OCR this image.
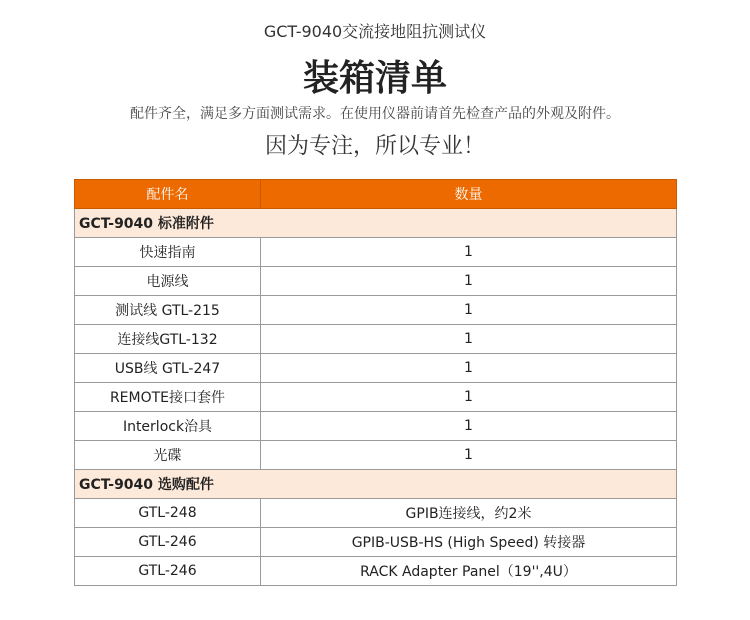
GCT-9040交流接地阻抗测试仪
装箱清单
配件齐全，满足多方面测试需求。在使用仪器前请首先检查产品的外观及附件。
因为专注，所以专业！
配件名	数量
GCT-9040 标准附件	
快速指南	1
电源线	1
测试线 GTL-215	1
连接线GTL-132	1
USB线 GTL-247	1
REMOTE接口套件	1
Interlock治具	1
光碟	1
GCT-9040 选购配件	
GTL-248	GPIB连接线，约2米
GTL-246	GPIB-USB-HS (High Speed) 转接器
GTL-246	RACK Adapter Panel（19'',4U）
